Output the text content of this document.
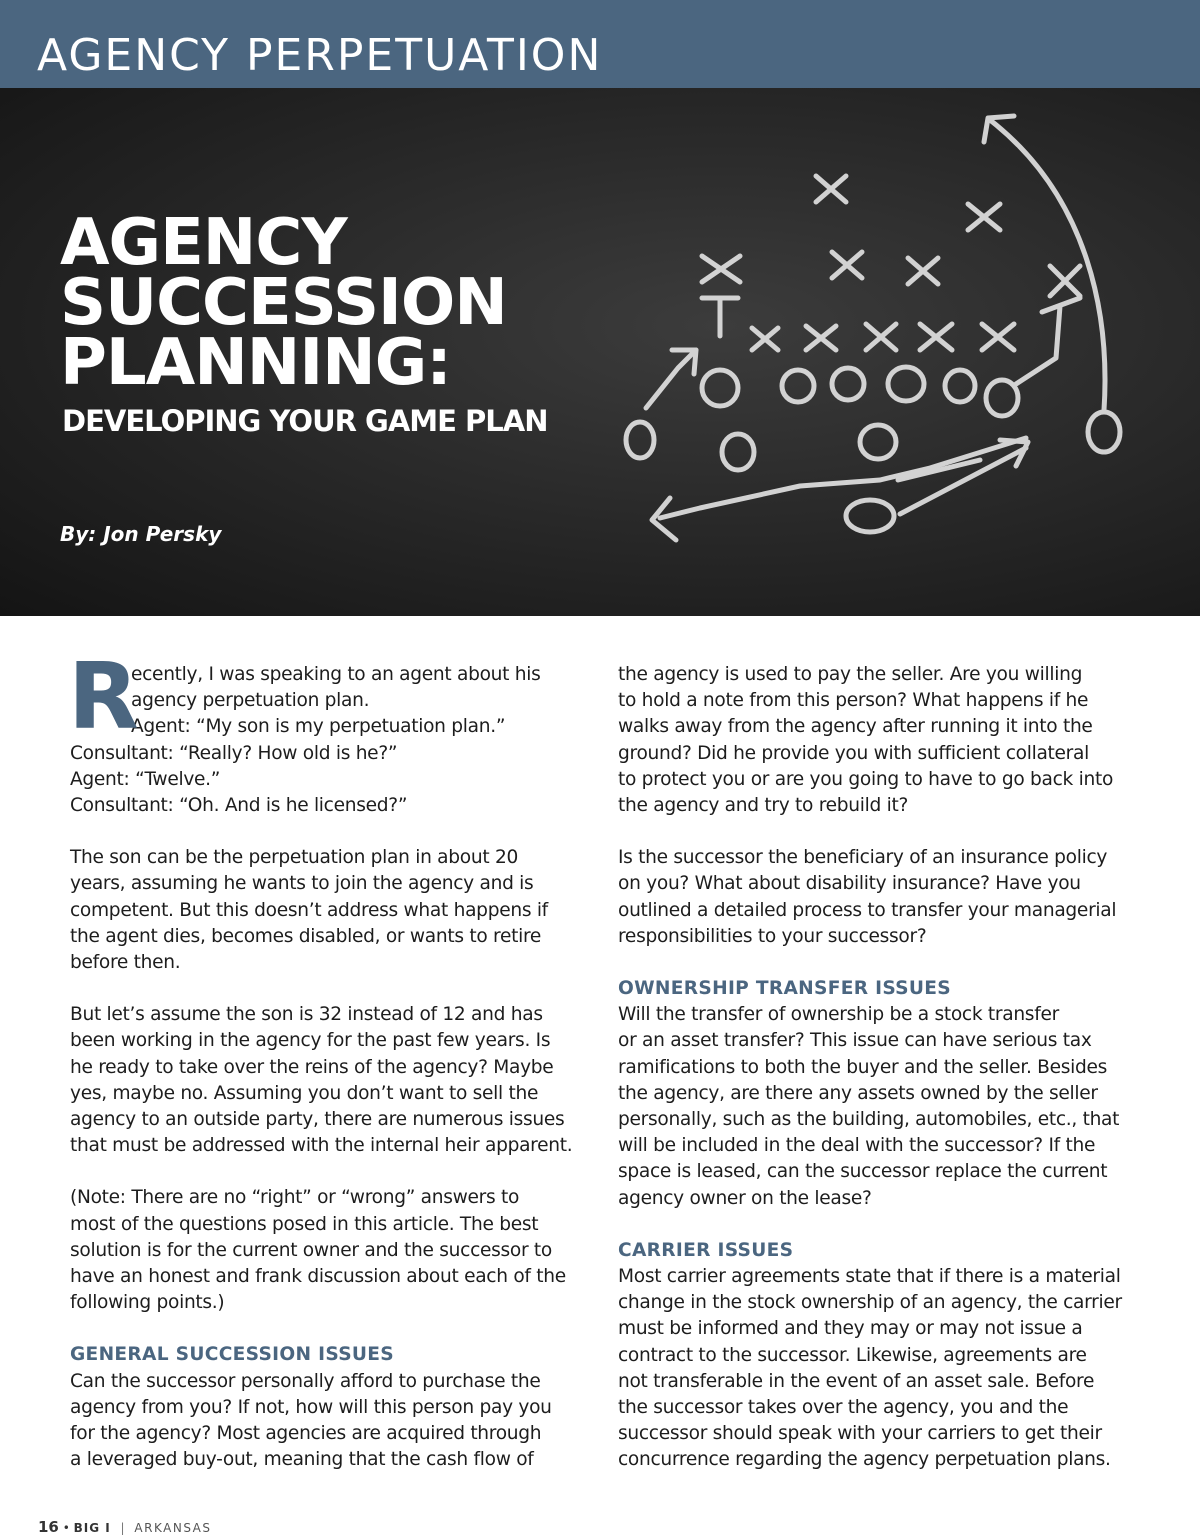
AGENCY PERPETUATION
AGENCY
SUCCESSION
PLANNING:
DEVELOPING YOUR GAME PLAN
By: Jon Persky
R
ecently, I was speaking to an agent about his
agency perpetuation plan.
Agent: “My son is my perpetuation plan.”
Consultant: “Really? How old is he?”
Agent: “Twelve.”
Consultant: “Oh. And is he licensed?”
The son can be the perpetuation plan in about 20
years, assuming he wants to join the agency and is
competent. But this doesn’t address what happens if
the agent dies, becomes disabled, or wants to retire
before then.
But let’s assume the son is 32 instead of 12 and has
been working in the agency for the past few years. Is
he ready to take over the reins of the agency? Maybe
yes, maybe no. Assuming you don’t want to sell the
agency to an outside party, there are numerous issues
that must be addressed with the internal heir apparent.
(Note: There are no “right” or “wrong” answers to
most of the questions posed in this article. The best
solution is for the current owner and the successor to
have an honest and frank discussion about each of the
following points.)
GENERAL SUCCESSION ISSUES
Can the successor personally afford to purchase the
agency from you? If not, how will this person pay you
for the agency? Most agencies are acquired through
a leveraged buy-out, meaning that the cash flow of
the agency is used to pay the seller. Are you willing
to hold a note from this person? What happens if he
walks away from the agency after running it into the
ground? Did he provide you with sufficient collateral
to protect you or are you going to have to go back into
the agency and try to rebuild it?
Is the successor the beneficiary of an insurance policy
on you? What about disability insurance? Have you
outlined a detailed process to transfer your managerial
responsibilities to your successor?
OWNERSHIP TRANSFER ISSUES
Will the transfer of ownership be a stock transfer
or an asset transfer? This issue can have serious tax
ramifications to both the buyer and the seller. Besides
the agency, are there any assets owned by the seller
personally, such as the building, automobiles, etc., that
will be included in the deal with the successor? If the
space is leased, can the successor replace the current
agency owner on the lease?
CARRIER ISSUES
Most carrier agreements state that if there is a material
change in the stock ownership of an agency, the carrier
must be informed and they may or may not issue a
contract to the successor. Likewise, agreements are
not transferable in the event of an asset sale. Before
the successor takes over the agency, you and the
successor should speak with your carriers to get their
concurrence regarding the agency perpetuation plans.
16 • BIG I | ARKANSAS
